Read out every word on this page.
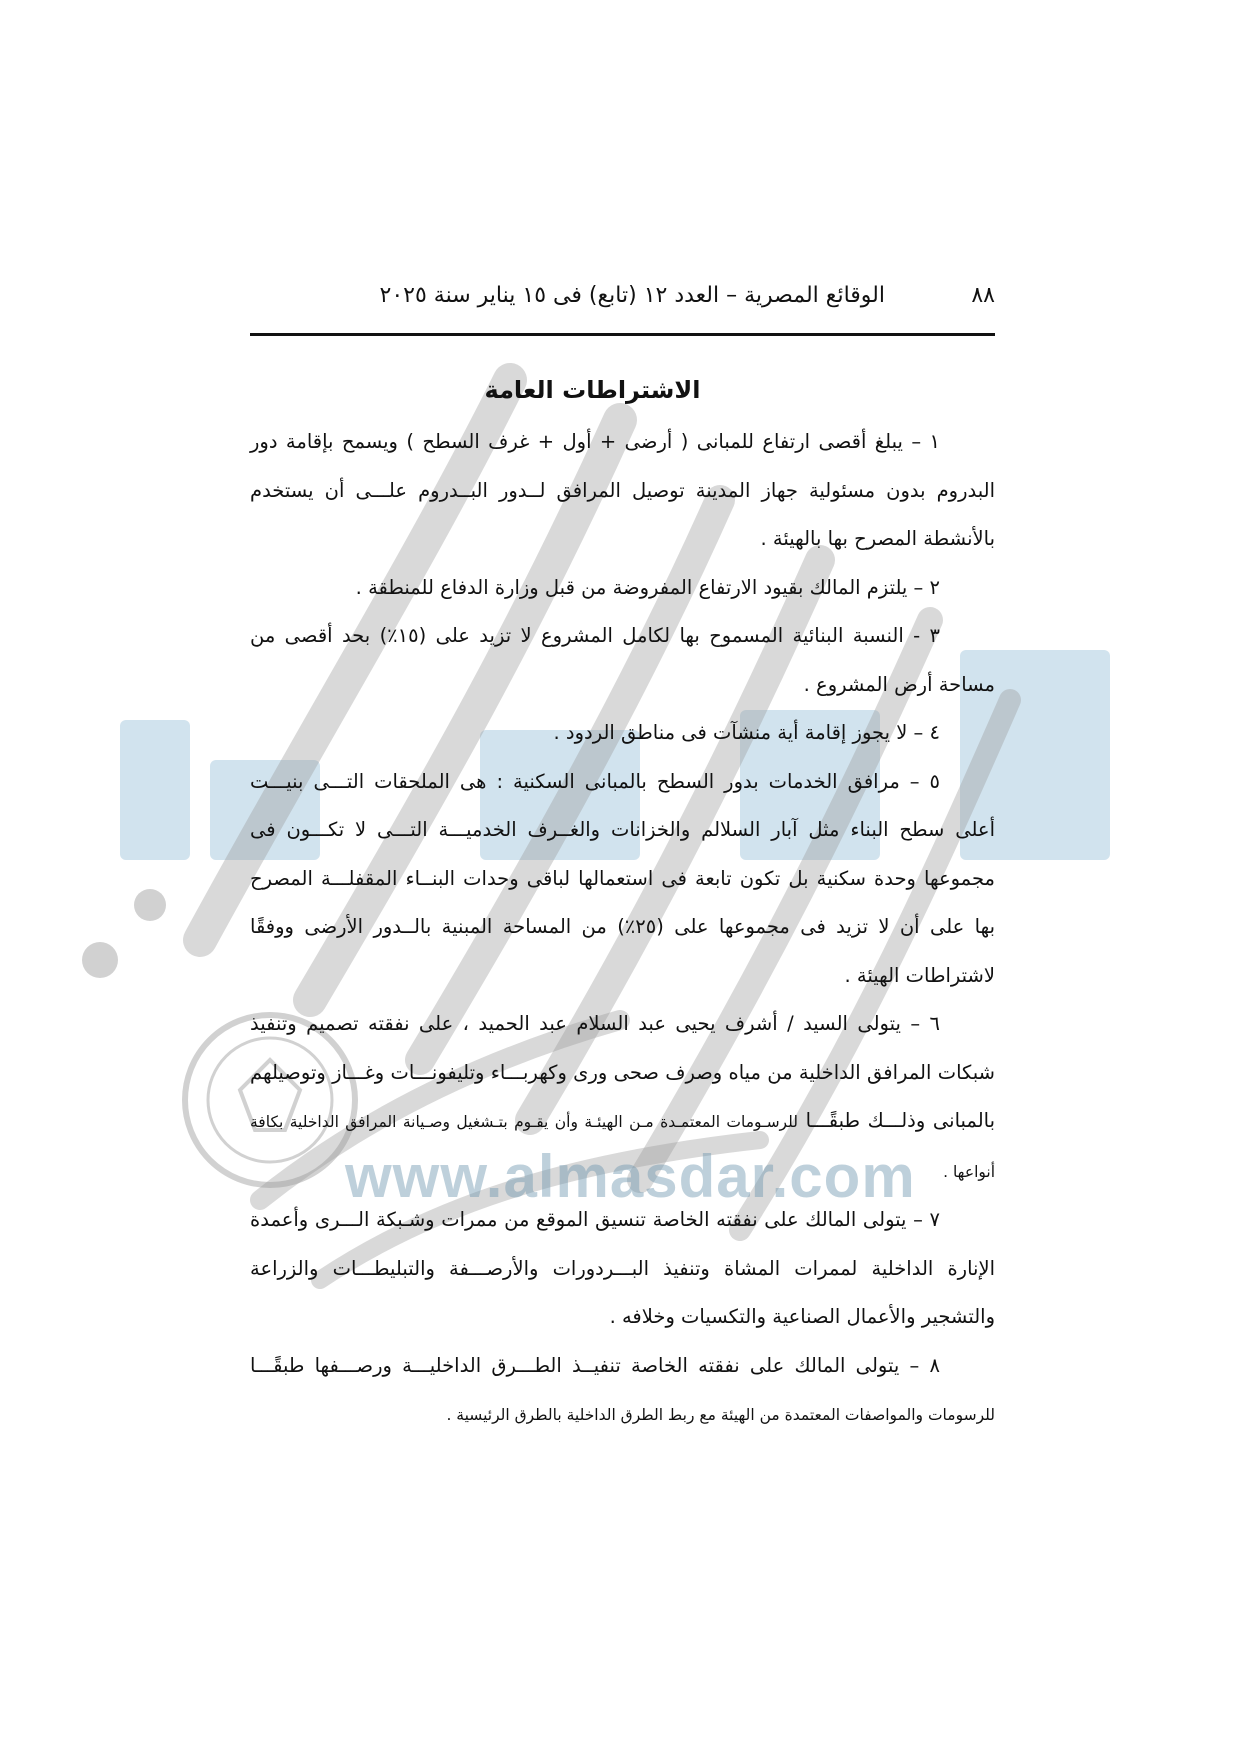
www.almasdar.com
٨٨
الوقائع المصرية – العدد ١٢ (تابع) فى ١٥ يناير سنة ٢٠٢٥
الاشتراطات العامة

١ – يبلغ أقصى ارتفاع للمبانى ( أرضى + أول + غرف السطح ) ويسمح بإقامة دور البدروم بدون مسئولية جهاز المدينة توصيل المرافق لــدور البــدروم علـــى أن يستخدم بالأنشطة المصرح بها بالهيئة .

٢ – يلتزم المالك بقيود الارتفاع المفروضة من قبل وزارة الدفاع للمنطقة .

٣ - النسبة البنائية المسموح بها لكامل المشروع لا تزيد على (١٥٪) بحد أقصى من مساحة أرض المشروع .

٤ – لا يجوز إقامة أية منشآت فى مناطق الردود .

٥ – مرافق الخدمات بدور السطح بالمبانى السكنية : هى الملحقات التـــى بنيـــت أعلى سطح البناء مثل آبار السلالم والخزانات والغــرف الخدميـــة التـــى لا تكـــون فى مجموعها وحدة سكنية بل تكون تابعة فى استعمالها لباقى وحدات البنــاء المقفلـــة المصرح بها على أن لا تزيد فى مجموعها على (٢٥٪) من المساحة المبنية بالــدور الأرضى ووفقًا لاشتراطات الهيئة .

٦ – يتولى السيد / أشرف يحيى عبد السلام عبد الحميد ، على نفقته تصميم وتنفيذ شبكات المرافق الداخلية من مياه وصرف صحى ورى وكهربـــاء وتليفونـــات وغـــاز وتوصيلهم بالمبانى وذلـــك طبقًـــا للرسـومات المعتمـدة مـن الهيئـة وأن يقـوم بتـشغيل وصـيانة المرافق الداخلية بكافة أنواعها .

٧ – يتولى المالك على نفقته الخاصة تنسيق الموقع من ممرات وشـبكة الـــرى وأعمدة الإنارة الداخلية لممرات المشاة وتنفيذ البـــردورات والأرصـــفة والتبليطـــات والزراعة والتشجير والأعمال الصناعية والتكسيات وخلافه .

٨ – يتولى المالك على نفقته الخاصة تنفيــذ الطـــرق الداخليـــة ورصـــفها طبقًـــا للرسومات والمواصفات المعتمدة من الهيئة مع ربط الطرق الداخلية بالطرق الرئيسية .
